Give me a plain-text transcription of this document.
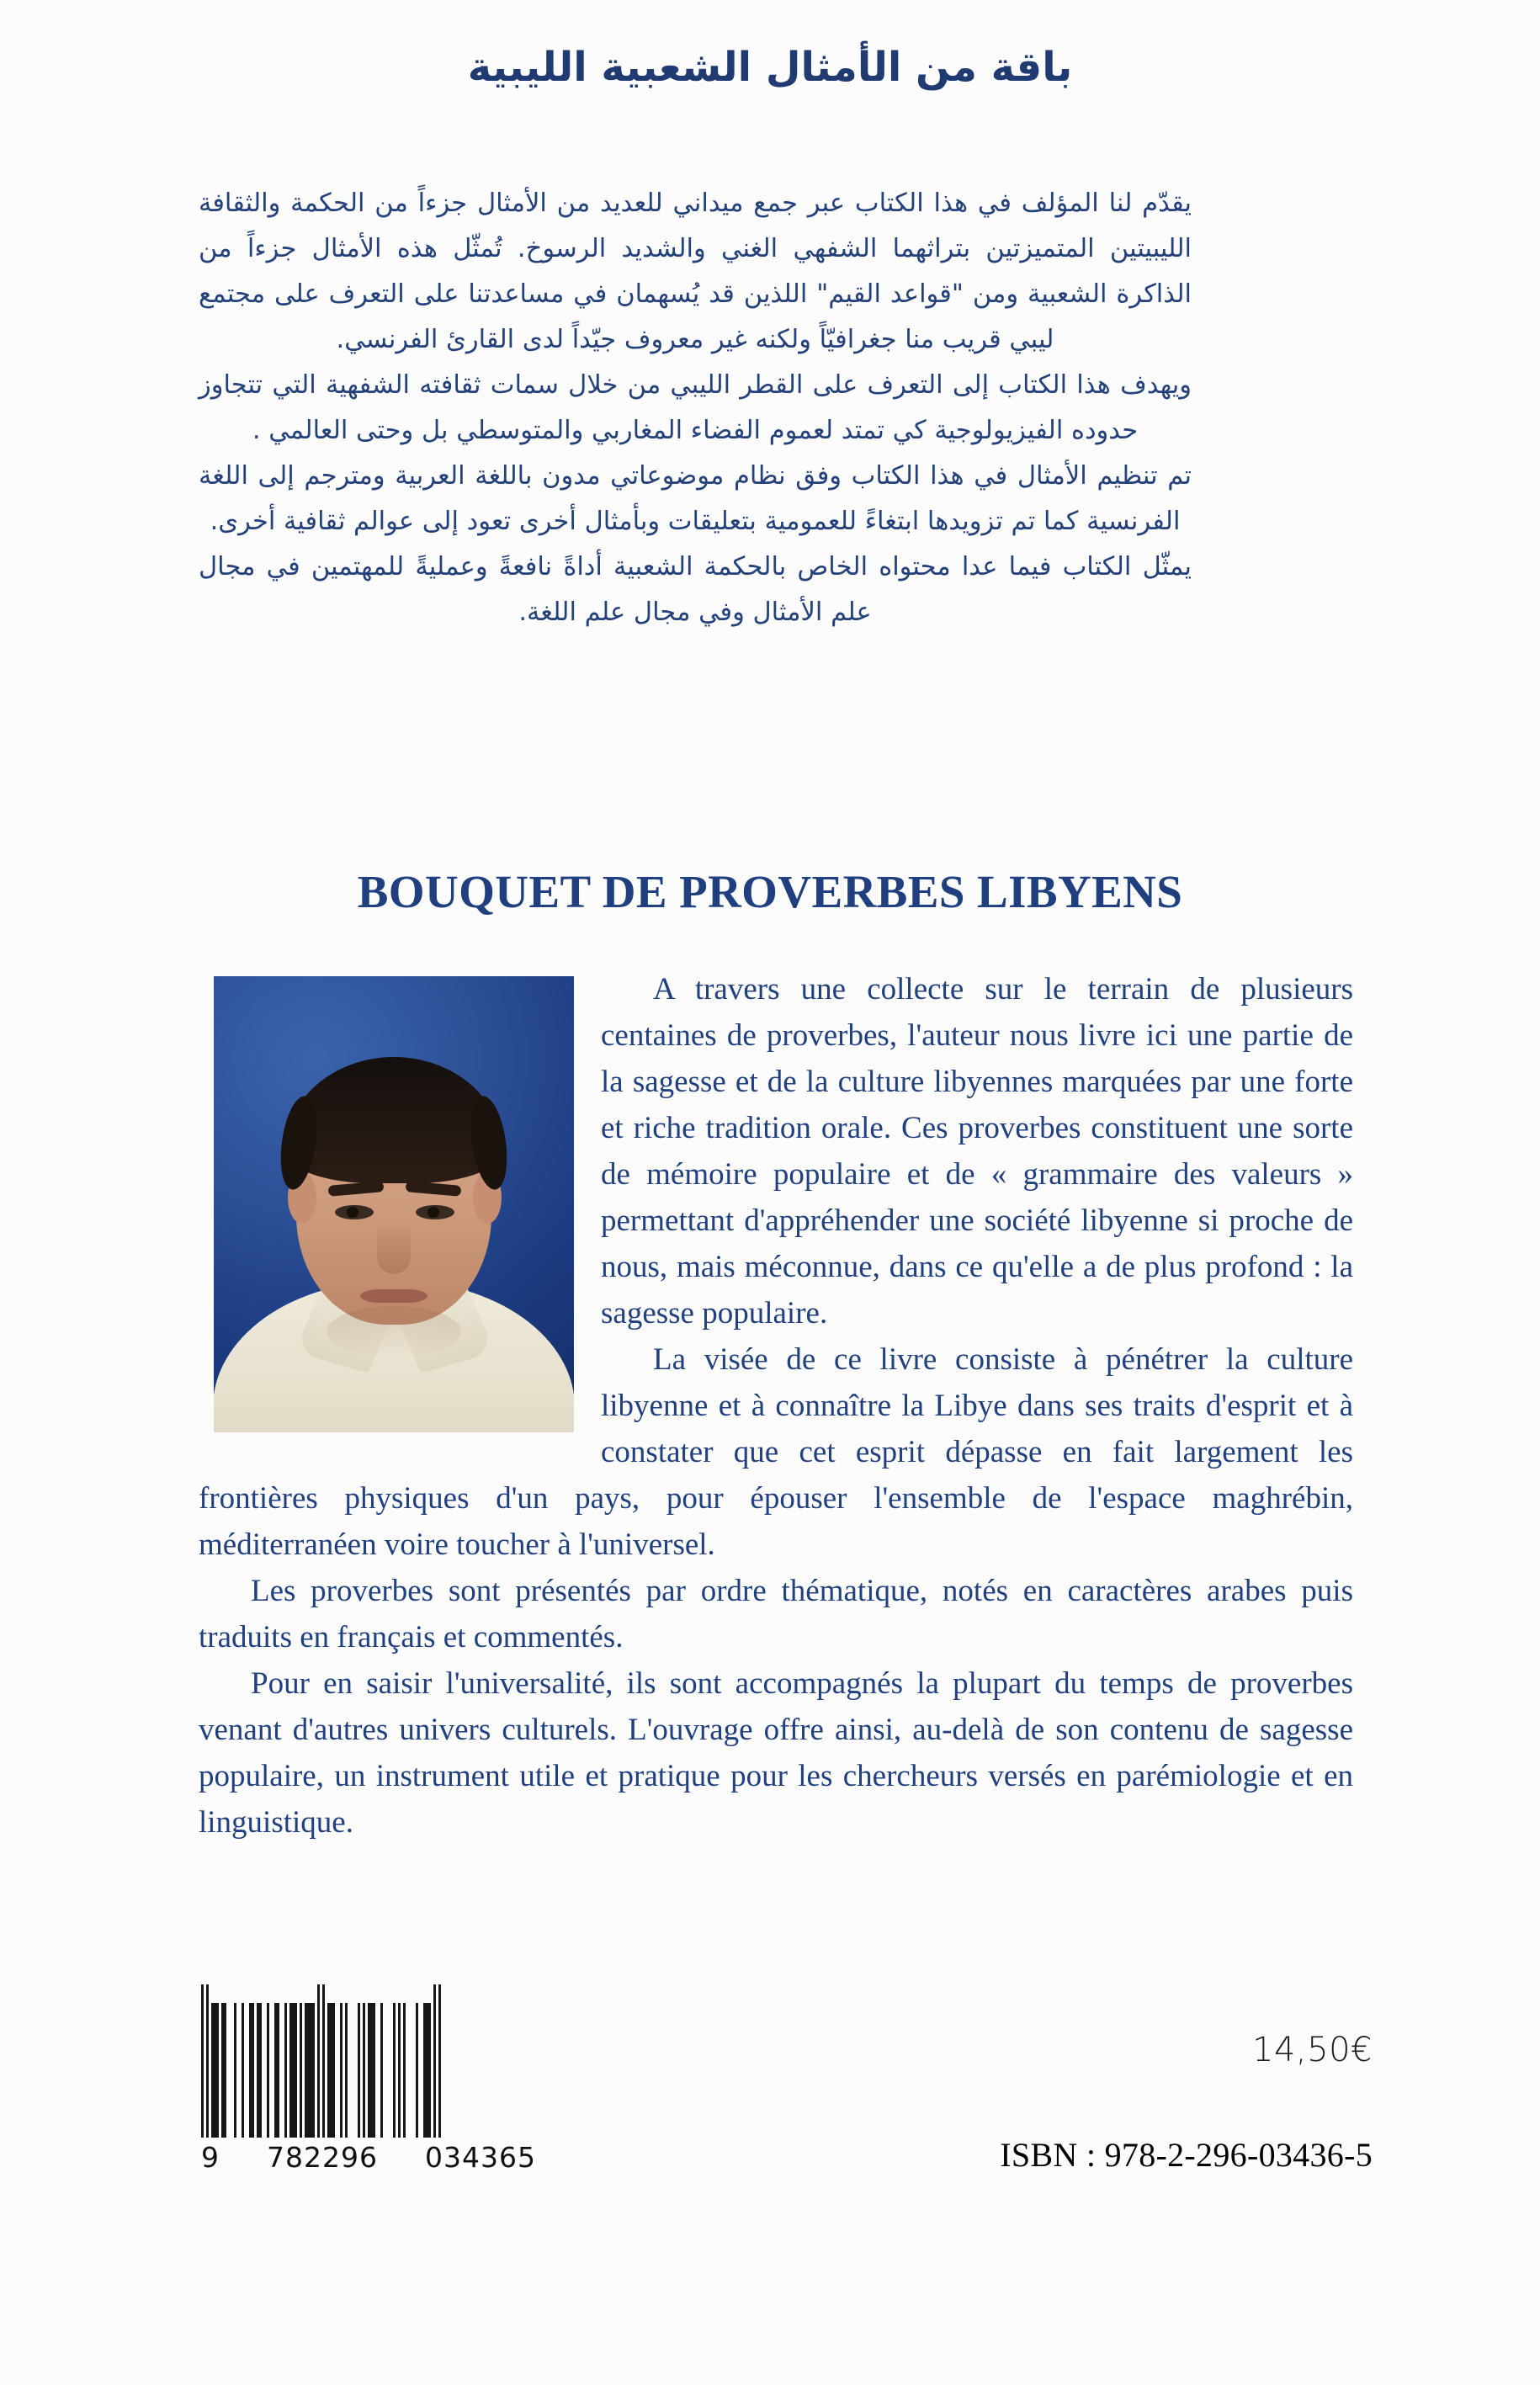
باقة من الأمثال الشعبية الليبية

يقدّم لنا المؤلف في هذا الكتاب عبر جمع ميداني للعديد من الأمثال جزءاً من الحكمة والثقافة الليبيتين المتميزتين بتراثهما الشفهي الغني والشديد الرسوخ. تُمثّل هذه الأمثال جزءاً من الذاكرة الشعبية ومن "قواعد القيم" اللذين قد يُسهمان في مساعدتنا على التعرف على مجتمع ليبي قريب منا جغرافيّاً ولكنه غير معروف جيّداً لدى القارئ الفرنسي.

ويهدف هذا الكتاب إلى التعرف على القطر الليبي من خلال سمات ثقافته الشفهية التي تتجاوز حدوده الفيزيولوجية كي تمتد لعموم الفضاء المغاربي والمتوسطي بل وحتى العالمي .

تم تنظيم الأمثال في هذا الكتاب وفق نظام موضوعاتي مدون باللغة العربية ومترجم إلى اللغة الفرنسية كما تم تزويدها ابتغاءً للعمومية بتعليقات وبأمثال أخرى تعود إلى عوالم ثقافية أخرى.

يمثّل الكتاب فيما عدا محتواه الخاص بالحكمة الشعبية أداةً نافعةً وعمليةً للمهتمين في مجال علم الأمثال وفي مجال علم اللغة.

BOUQUET DE PROVERBES LIBYENS

A travers une collecte sur le terrain de plusieurs centaines de proverbes, l'auteur nous livre ici une partie de la sagesse et de la culture libyennes marquées par une forte et riche tradition orale. Ces proverbes constituent une sorte de mémoire populaire et de « grammaire des valeurs » permettant d'appréhender une société libyenne si proche de nous, mais méconnue, dans ce qu'elle a de plus profond : la sagesse populaire.

La visée de ce livre consiste à pénétrer la culture libyenne et à connaître la Libye dans ses traits d'esprit et à constater que cet esprit dépasse en fait largement les frontières physiques d'un pays, pour épouser l'ensemble de l'espace maghrébin, méditerranéen voire toucher à l'universel.

Les proverbes sont présentés par ordre thématique, notés en caractères arabes puis traduits en français et commentés.

Pour en saisir l'universalité, ils sont accompagnés la plupart du temps de proverbes venant d'autres univers culturels. L'ouvrage offre ainsi, au-delà de son contenu de sagesse populaire, un instrument utile et pratique pour les chercheurs versés en parémiologie et en linguistique.

9 782296 034365
14,50€
ISBN : 978-2-296-03436-5
